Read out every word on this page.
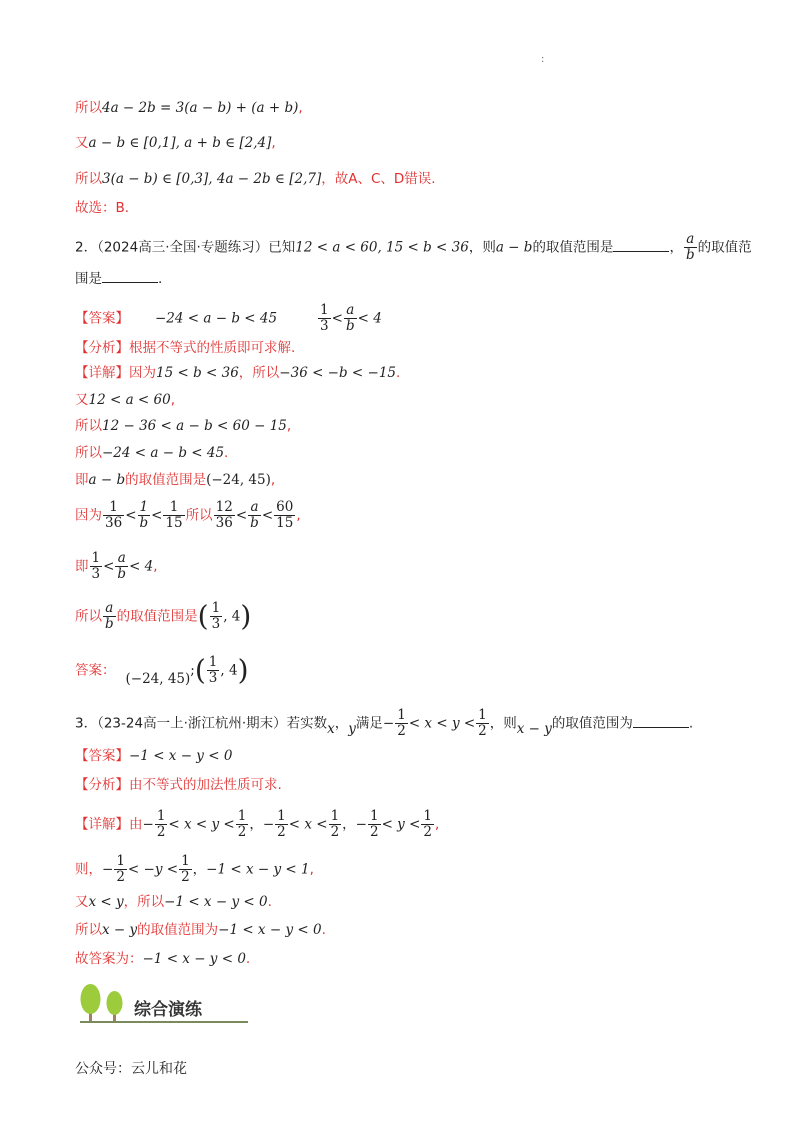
:
所以4a − 2b = 3(a − b) + (a + b),
又a − b ∈ [0,1], a + b ∈ [2,4],
所以3(a − b) ∈ [0,3], 4a − 2b ∈ [2,7]，故A、C、D错误.
故选：B.
2．（2024高三·全国·专题练习）已知12 < a < 60, 15 < b < 36，则a − b的取值范围是	， $\frac{a}{b}$ 的取值范
围是	.
【答案】 −24 < a − b < 45	$\frac{1}{3} < \frac{a}{b} < 4$
【分析】根据不等式的性质即可求解.
【详解】因为15 < b < 36，所以−36 < −b < −15.
又12 < a < 60,
所以12 − 36 < a − b < 60 − 15,
所以−24 < a − b < 45.
即a − b的取值范围是(−24, 45),
因为 $\frac{1}{36} < \frac{1}{b} < \frac{1}{15}$ 所以 $\frac{12}{36} < \frac{a}{b} < \frac{60}{15}$ ,
即 $\frac{1}{3} < \frac{a}{b} < 4$,
所以 $\frac{a}{b}$ 的取值范围是( $\frac{1}{3}$ , 4)
答案： (−24, 45);( $\frac{1}{3}$ , 4)
3．（23-24高一上·浙江杭州·期末）若实数x，y满足− $\frac{1}{2} < x < y < \frac{1}{2}$ ，则x − y的取值范围为	.
【答案】−1 < x − y < 0
【分析】由不等式的加法性质可求.
【详解】由− $\frac{1}{2} < x < y < \frac{1}{2}$ ，− $\frac{1}{2} < x < \frac{1}{2}$ ，− $\frac{1}{2} < y < \frac{1}{2}$ ,
则，− $\frac{1}{2} < -y < \frac{1}{2}$ ，−1 < x − y < 1,
又x < y，所以−1 < x − y < 0.
所以x − y的取值范围为−1 < x − y < 0.
故答案为：−1 < x − y < 0.
综合演练
公众号：云儿和花
